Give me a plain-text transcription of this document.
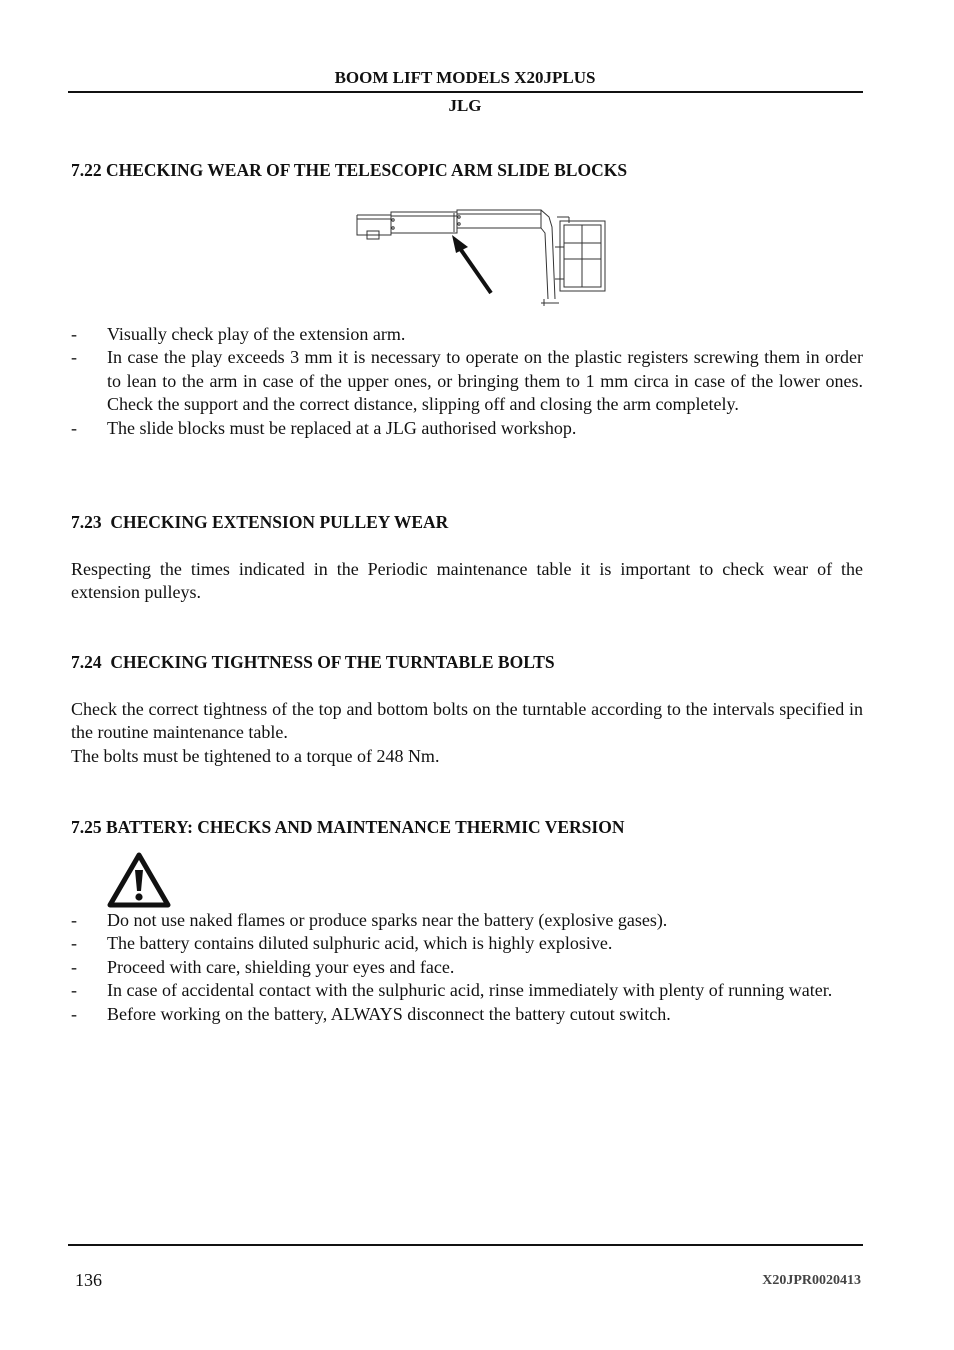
BOOM LIFT MODELS X20JPLUS
JLG
7.22 CHECKING WEAR OF THE TELESCOPIC ARM SLIDE BLOCKS
- Visually check play of the extension arm.
- In case the play exceeds 3 mm it is necessary to operate on the plastic registers screwing them in order to lean to the arm in case of the upper ones, or bringing them to 1 mm circa in case of the lower ones. Check the support and the correct distance, slipping off and closing the arm completely.
- The slide blocks must be replaced at a JLG authorised workshop.
7.23  CHECKING EXTENSION PULLEY WEAR

Respecting the times indicated in the Periodic maintenance table it is important to check wear of the extension pulleys.

7.24  CHECKING TIGHTNESS OF THE TURNTABLE BOLTS

Check the correct tightness of the top and bottom bolts on the turntable according to the intervals specified in the routine maintenance table.

The bolts must be tightened to a torque of 248 Nm.

7.25 BATTERY: CHECKS AND MAINTENANCE THERMIC VERSION
- Do not use naked flames or produce sparks near the battery (explosive gases).
- The battery contains diluted sulphuric acid, which is highly explosive.
- Proceed with care, shielding your eyes and face.
- In case of accidental contact with the sulphuric acid, rinse immediately with plenty of running water.
- Before working on the battery, ALWAYS disconnect the battery cutout switch.
136	X20JPR0020413
